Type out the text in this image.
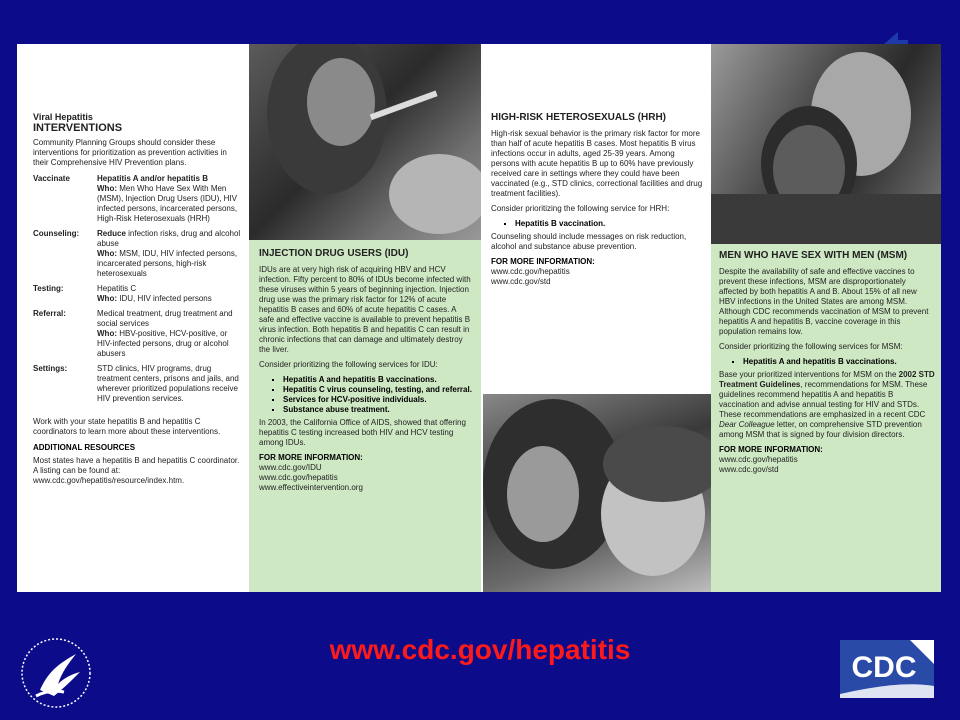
Viral Hepatitis
INTERVENTIONS
Community Planning Groups should consider these interventions for prioritization as prevention activities in their Comprehensive HIV Prevention plans.
Vaccinate	Hepatitis A and/or hepatitis B
Who: Men Who Have Sex With Men (MSM), Injection Drug Users (IDU), HIV infected persons, incarcerated persons, High-Risk Heterosexuals (HRH)
Counseling:	Reduce infection risks, drug and alcohol abuse
Who: MSM, IDU, HIV infected persons, incarcerated persons, high-risk heterosexuals
Testing:	Hepatitis C
Who: IDU, HIV infected persons
Referral:	Medical treatment, drug treatment and social services
Who: HBV-positive, HCV-positive, or HIV-infected persons, drug or alcohol abusers
Settings:	STD clinics, HIV programs, drug treatment centers, prisons and jails, and wherever prioritized populations receive HIV prevention services.
Work with your state hepatitis B and hepatitis C coordinators to learn more about these interventions.
ADDITIONAL RESOURCES
Most states have a hepatitis B and hepatitis C coordinator. A listing can be found at: www.cdc.gov/hepatitis/resource/index.htm.
INJECTION DRUG USERS (IDU)

IDUs are at very high risk of acquiring HBV and HCV infection. Fifty percent to 80% of IDUs become infected with these viruses within 5 years of beginning injection. Injection drug use was the primary risk factor for 12% of acute hepatitis B cases and 60% of acute hepatitis C cases. A safe and effective vaccine is available to prevent hepatitis B virus infection. Both hepatitis B and hepatitis C can result in chronic infections that can damage and ultimately destroy the liver.

Consider prioritizing the following services for IDU:

▪ Hepatitis A and hepatitis B vaccinations.
▪ Hepatitis C virus counseling, testing, and referral.
▪ Services for HCV-positive individuals.
▪ Substance abuse treatment.

In 2003, the California Office of AIDS, showed that offering hepatitis C testing increased both HIV and HCV testing among IDUs.

FOR MORE INFORMATION:
www.cdc.gov/IDU
www.cdc.gov/hepatitis
www.effectiveintervention.org
HIGH-RISK HETEROSEXUALS (HRH)

High-risk sexual behavior is the primary risk factor for more than half of acute hepatitis B cases. Most hepatitis B virus infections occur in adults, aged 25-39 years. Among persons with acute hepatitis B up to 60% have previously received care in settings where they could have been vaccinated (e.g., STD clinics, correctional facilities and drug treatment facilities).

Consider prioritizing the following service for HRH:

▪ Hepatitis B vaccination.

Counseling should include messages on risk reduction, alcohol and substance abuse prevention.

FOR MORE INFORMATION:
www.cdc.gov/hepatitis
www.cdc.gov/std
MEN WHO HAVE SEX WITH MEN (MSM)

Despite the availability of safe and effective vaccines to prevent these infections, MSM are disproportionately affected by both hepatitis A and B. About 15% of all new HBV infections in the United States are among MSM. Although CDC recommends vaccination of MSM to prevent hepatitis A and hepatitis B, vaccine coverage in this population remains low.

Consider prioritizing the following services for MSM:

▪ Hepatitis A and hepatitis B vaccinations.

Base your prioritized interventions for MSM on the 2002 STD Treatment Guidelines, recommendations for MSM. These guidelines recommend hepatitis A and hepatitis B vaccination and advise annual testing for HIV and STDs. These recommendations are emphasized in a recent CDC Dear Colleague letter, on comprehensive STD prevention among MSM that is signed by four division directors.

FOR MORE INFORMATION:
www.cdc.gov/hepatitis
www.cdc.gov/std
www.cdc.gov/hepatitis
CDC
